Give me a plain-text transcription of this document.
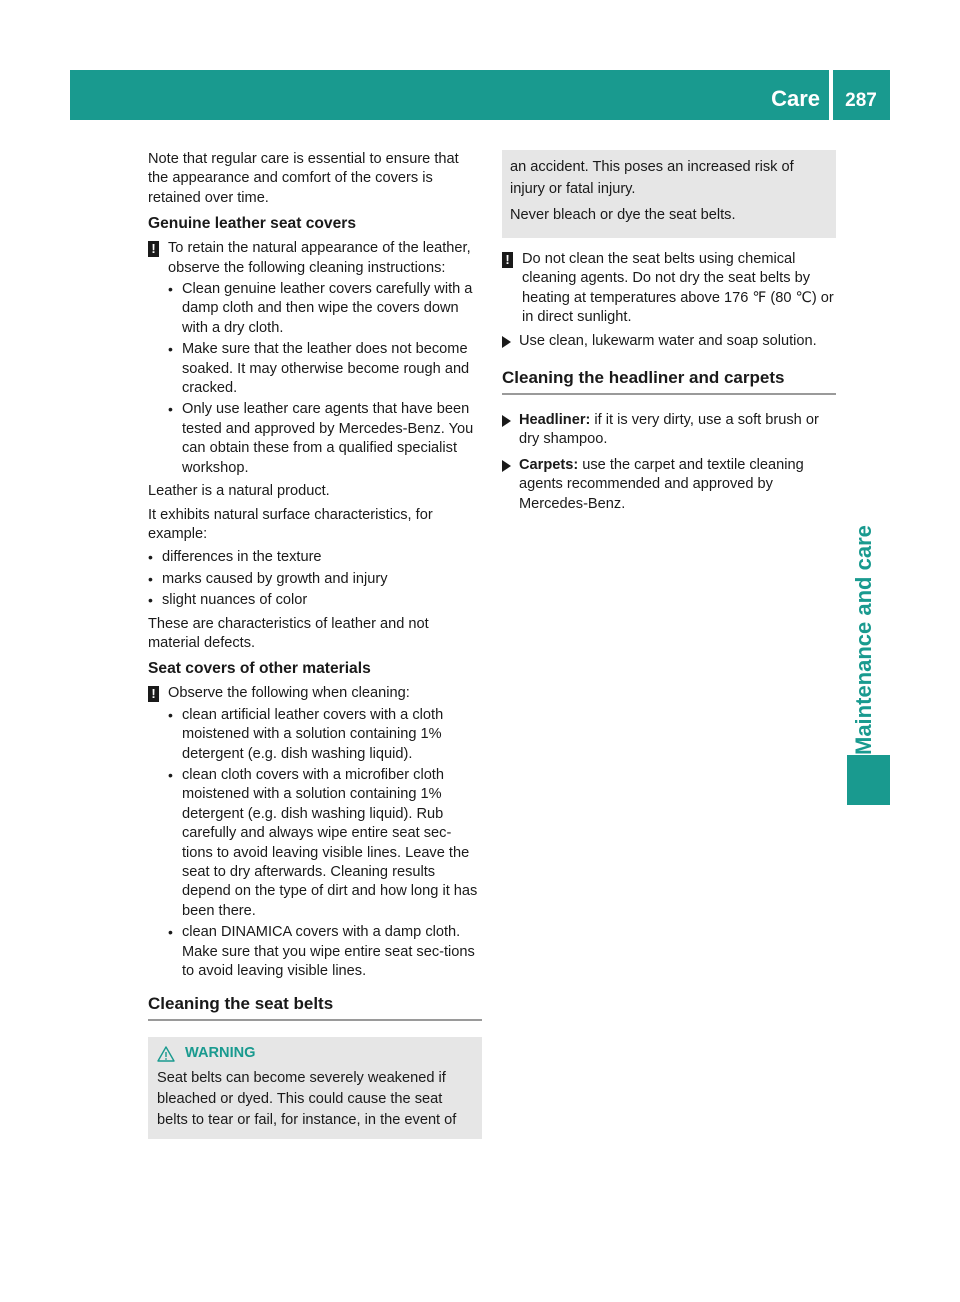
Care	287
Maintenance and care

Note that regular care is essential to ensure that the appearance and comfort of the covers is retained over time.

Genuine leather seat covers
! To retain the natural appearance of the leather, observe the following cleaning instructions:
• Clean genuine leather covers carefully with a damp cloth and then wipe the covers down with a dry cloth.
• Make sure that the leather does not become soaked. It may otherwise become rough and cracked.
• Only use leather care agents that have been tested and approved by Mercedes-Benz. You can obtain these from a qualified specialist workshop.

Leather is a natural product.

It exhibits natural surface characteristics, for example:

• differences in the texture
• marks caused by growth and injury
• slight nuances of color

These are characteristics of leather and not material defects.

Seat covers of other materials
! Observe the following when cleaning:
• clean artificial leather covers with a cloth moistened with a solution containing 1% detergent (e.g. dish washing liquid).
• clean cloth covers with a microfiber cloth moistened with a solution containing 1% detergent (e.g. dish washing liquid). Rub carefully and always wipe entire seat sec-tions to avoid leaving visible lines. Leave the seat to dry afterwards. Cleaning results depend on the type of dirt and how long it has been there.
• clean DINAMICA covers with a damp cloth. Make sure that you wipe entire seat sec-tions to avoid leaving visible lines.
Cleaning the seat belts
WARNING

Seat belts can become severely weakened if bleached or dyed. This could cause the seat belts to tear or fail, for instance, in the event of

an accident. This poses an increased risk of injury or fatal injury.

Never bleach or dye the seat belts.

! Do not clean the seat belts using chemical cleaning agents. Do not dry the seat belts by heating at temperatures above 176 ℉ (80 ℃) or in direct sunlight.
Use clean, lukewarm water and soap solution.
Cleaning the headliner and carpets
Headliner: if it is very dirty, use a soft brush or dry shampoo.
Carpets: use the carpet and textile cleaning agents recommended and approved by Mercedes-Benz.
